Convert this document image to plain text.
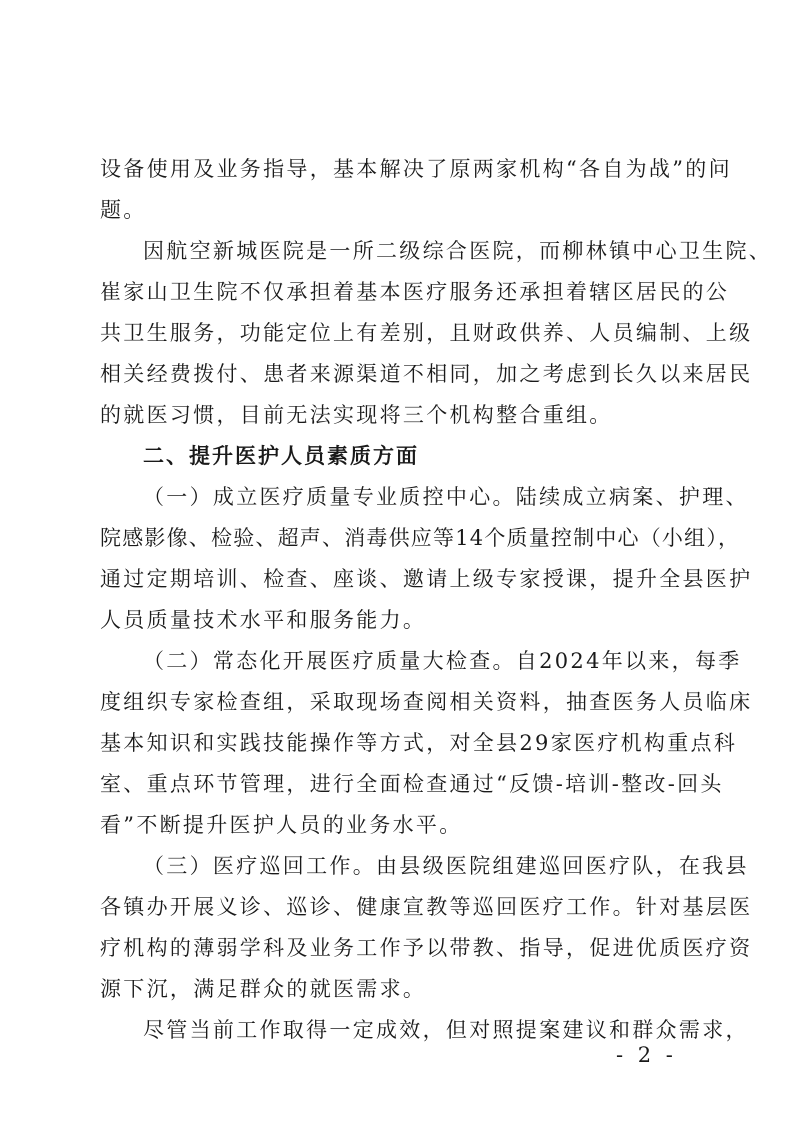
设备使用及业务指导，基本解决了原两家机构“各自为战”的问
题。
因航空新城医院是一所二级综合医院，而柳林镇中心卫生院、
崔家山卫生院不仅承担着基本医疗服务还承担着辖区居民的公
共卫生服务，功能定位上有差别，且财政供养、人员编制、上级
相关经费拨付、患者来源渠道不相同，加之考虑到长久以来居民
的就医习惯，目前无法实现将三个机构整合重组。
二、提升医护人员素质方面
（一）成立医疗质量专业质控中心。陆续成立病案、护理、
院感影像、检验、超声、消毒供应等14个质量控制中心（小组），
通过定期培训、检查、座谈、邀请上级专家授课，提升全县医护
人员质量技术水平和服务能力。
（二）常态化开展医疗质量大检查。自2024年以来，每季
度组织专家检查组，采取现场查阅相关资料，抽查医务人员临床
基本知识和实践技能操作等方式，对全县29家医疗机构重点科
室、重点环节管理，进行全面检查通过“反馈-培训-整改-回头
看”不断提升医护人员的业务水平。
（三）医疗巡回工作。由县级医院组建巡回医疗队，在我县
各镇办开展义诊、巡诊、健康宣教等巡回医疗工作。针对基层医
疗机构的薄弱学科及业务工作予以带教、指导，促进优质医疗资
源下沉，满足群众的就医需求。
尽管当前工作取得一定成效，但对照提案建议和群众需求，
- 2 -
